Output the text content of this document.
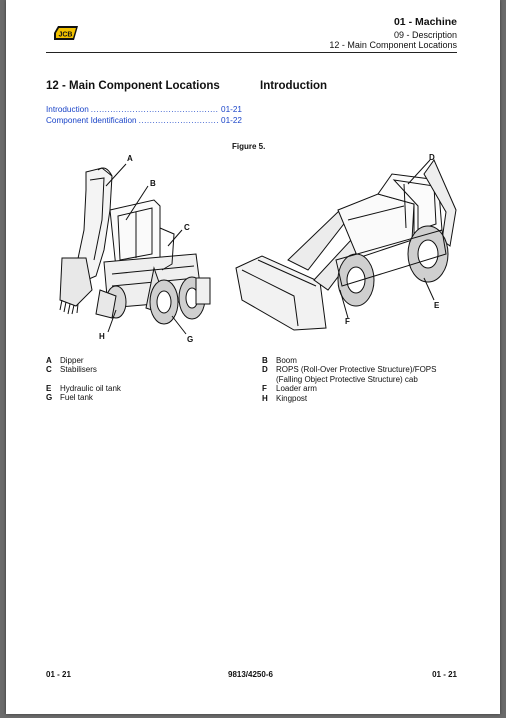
JCB
01 - Machine
09 - Description
12 - Main Component Locations
12 - Main Component Locations	Introduction
Introduction .....	01-21
Component Identification .....	01-22
Figure 5.
A
B
C
H	G
D
E
F
A	Dipper
C	Stabilisers
E	Hydraulic oil tank
G Fuel tank
B	Boom
D	ROPS (Roll-Over Protective Structure)/FOPS
(Falling Object Protective Structure) cab
F	Loader arm
H	Kingpost
01 - 21	9813/4250-6	01 - 21
